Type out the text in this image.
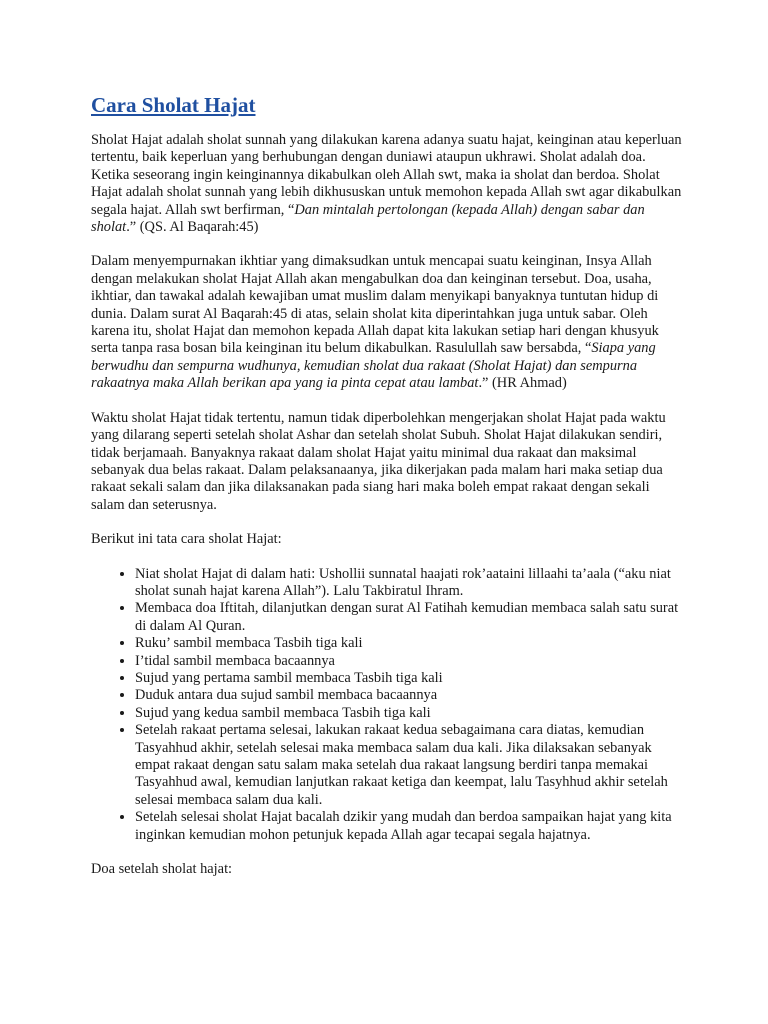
Cara Sholat Hajat

Sholat Hajat adalah sholat sunnah yang dilakukan karena adanya suatu hajat, keinginan atau keperluan tertentu, baik keperluan yang berhubungan dengan duniawi ataupun ukhrawi. Sholat adalah doa. Ketika seseorang ingin keinginannya dikabulkan oleh Allah swt, maka ia sholat dan berdoa. Sholat Hajat adalah sholat sunnah yang lebih dikhususkan untuk memohon kepada Allah swt agar dikabulkan segala hajat. Allah swt berfirman, “Dan mintalah pertolongan (kepada Allah) dengan sabar dan sholat.” (QS. Al Baqarah:45)

Dalam menyempurnakan ikhtiar yang dimaksudkan untuk mencapai suatu keinginan, Insya Allah dengan melakukan sholat Hajat Allah akan mengabulkan doa dan keinginan tersebut. Doa, usaha, ikhtiar, dan tawakal adalah kewajiban umat muslim dalam menyikapi banyaknya tuntutan hidup di dunia. Dalam surat Al Baqarah:45 di atas, selain sholat kita diperintahkan juga untuk sabar. Oleh karena itu, sholat Hajat dan memohon kepada Allah dapat kita lakukan setiap hari dengan khusyuk serta tanpa rasa bosan bila keinginan itu belum dikabulkan. Rasulullah saw bersabda, “Siapa yang berwudhu dan sempurna wudhunya, kemudian sholat dua rakaat (Sholat Hajat) dan sempurna rakaatnya maka Allah berikan apa yang ia pinta cepat atau lambat.” (HR Ahmad)

Waktu sholat Hajat tidak tertentu, namun tidak diperbolehkan mengerjakan sholat Hajat pada waktu yang dilarang seperti setelah sholat Ashar dan setelah sholat Subuh. Sholat Hajat dilakukan sendiri, tidak berjamaah. Banyaknya rakaat dalam sholat Hajat yaitu minimal dua rakaat dan maksimal sebanyak dua belas rakaat. Dalam pelaksanaanya, jika dikerjakan pada malam hari maka setiap dua rakaat sekali salam dan jika dilaksanakan pada siang hari maka boleh empat rakaat dengan sekali salam dan seterusnya.

Berikut ini tata cara sholat Hajat:

• Niat sholat Hajat di dalam hati: Ushollii sunnatal haajati rok’aataini lillaahi ta’aala (“aku niat sholat sunah hajat karena Allah”). Lalu Takbiratul Ihram.
• Membaca doa Iftitah, dilanjutkan dengan surat Al Fatihah kemudian membaca salah satu surat di dalam Al Quran.
• Ruku’ sambil membaca Tasbih tiga kali
• I’tidal sambil membaca bacaannya
• Sujud yang pertama sambil membaca Tasbih tiga kali
• Duduk antara dua sujud sambil membaca bacaannya
• Sujud yang kedua sambil membaca Tasbih tiga kali
• Setelah rakaat pertama selesai, lakukan rakaat kedua sebagaimana cara diatas, kemudian Tasyahhud akhir, setelah selesai maka membaca salam dua kali. Jika dilaksakan sebanyak empat rakaat dengan satu salam maka setelah dua rakaat langsung berdiri tanpa memakai Tasyahhud awal, kemudian lanjutkan rakaat ketiga dan keempat, lalu Tasyhhud akhir setelah selesai membaca salam dua kali.
• Setelah selesai sholat Hajat bacalah dzikir yang mudah dan berdoa sampaikan hajat yang kita inginkan kemudian mohon petunjuk kepada Allah agar tecapai segala hajatnya.

Doa setelah sholat hajat:
